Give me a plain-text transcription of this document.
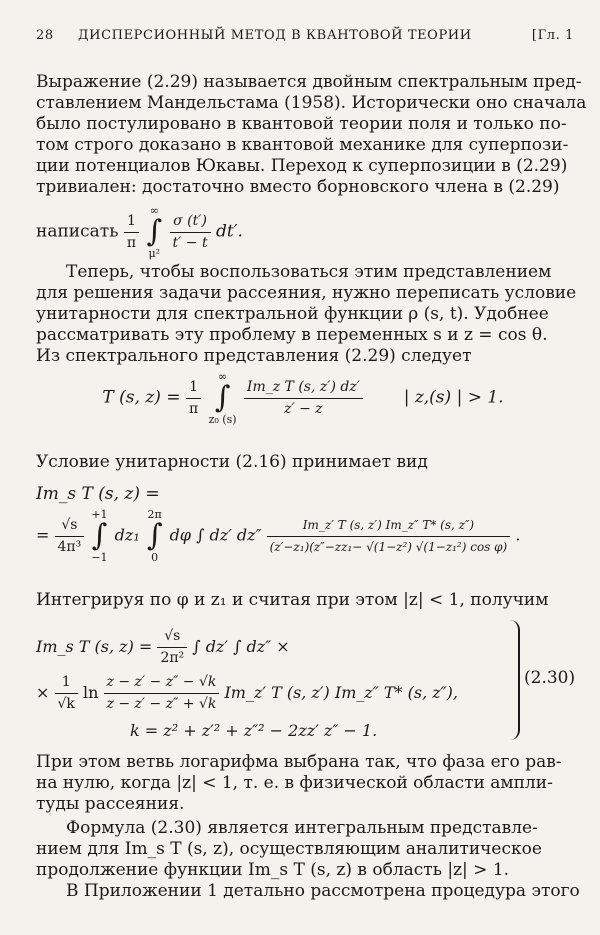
28 ДИСПЕРСИОННЫЙ МЕТОД В КВАНТОВОЙ ТЕОРИИ	[Гл. 1
Выражение (2.29) называется двойным спектральным пред-
ставлением Мандельстама (1958). Исторически оно сначала
было постулировано в квантовой теории поля и только по-
том строго доказано в квантовой механике для суперпози-
ции потенциалов Юкавы. Переход к суперпозиции в (2.29)
тривиален: достаточно вместо борновского члена в (2.29)
написать $\frac{1}{\pi}$ ∞
∫
$\mu^2 \frac{\sigma (t')}{t' - t} dt'$.
Теперь, чтобы воспользоваться этим представлением
для решения задачи рассеяния, нужно переписать условие
унитарности для спектральной функции ρ (s, t). Удобнее
рассматривать эту проблему в переменных s и z = cos θ.
Из спектрального представления (2.29) следует
T (s, $z) = \frac{1}{\pi}$ ∞
∫
z₀ $(s) \frac{\text{Im\_z T (s, z′) dz′}}{z' - z}$ | z,(s) | > 1.
Условие унитарности (2.16) принимает вид
Im_s T (s, z) =
= $\frac{√s}{\text{4π³}} +1$
∫
−1 dz₁ 2π
∫
0 dφ ∫ dz′ $dz'' \frac{Im\_z' T (s, z') Im\_z'' T* (s, z'')}{\text{(z′−z₁)(z″−zz₁− √(1−z²) √(1−z₁²) cos φ)}}$ .
Интегрируя по φ и z₁ и считая при этом |z| < 1, получим
Im_s T (s, $z) = \frac{√s}{\text{2π²}}$ ∫ dz′ ∫ dz″ ×
× $\frac{1}{√k}$ $\ln \frac{z - z' - z'' - √k}{z - z' - z'' + √k}$ Im_z′ T (s, z′) Im_z″ T* (s, z″),
k = z² + z′² + z″² − 2zz′ z″ − 1.
(2.30)
При этом ветвь логарифма выбрана так, что фаза его рав-
на нулю, когда |z| < 1, т. е. в физической области ампли-
туды рассеяния.
Формула (2.30) является интегральным представле-
нием для Im_s T (s, z), осуществляющим аналитическое
продолжение функции Im_s T (s, z) в область |z| > 1.
В Приложении 1 детально рассмотрена процедура этого
